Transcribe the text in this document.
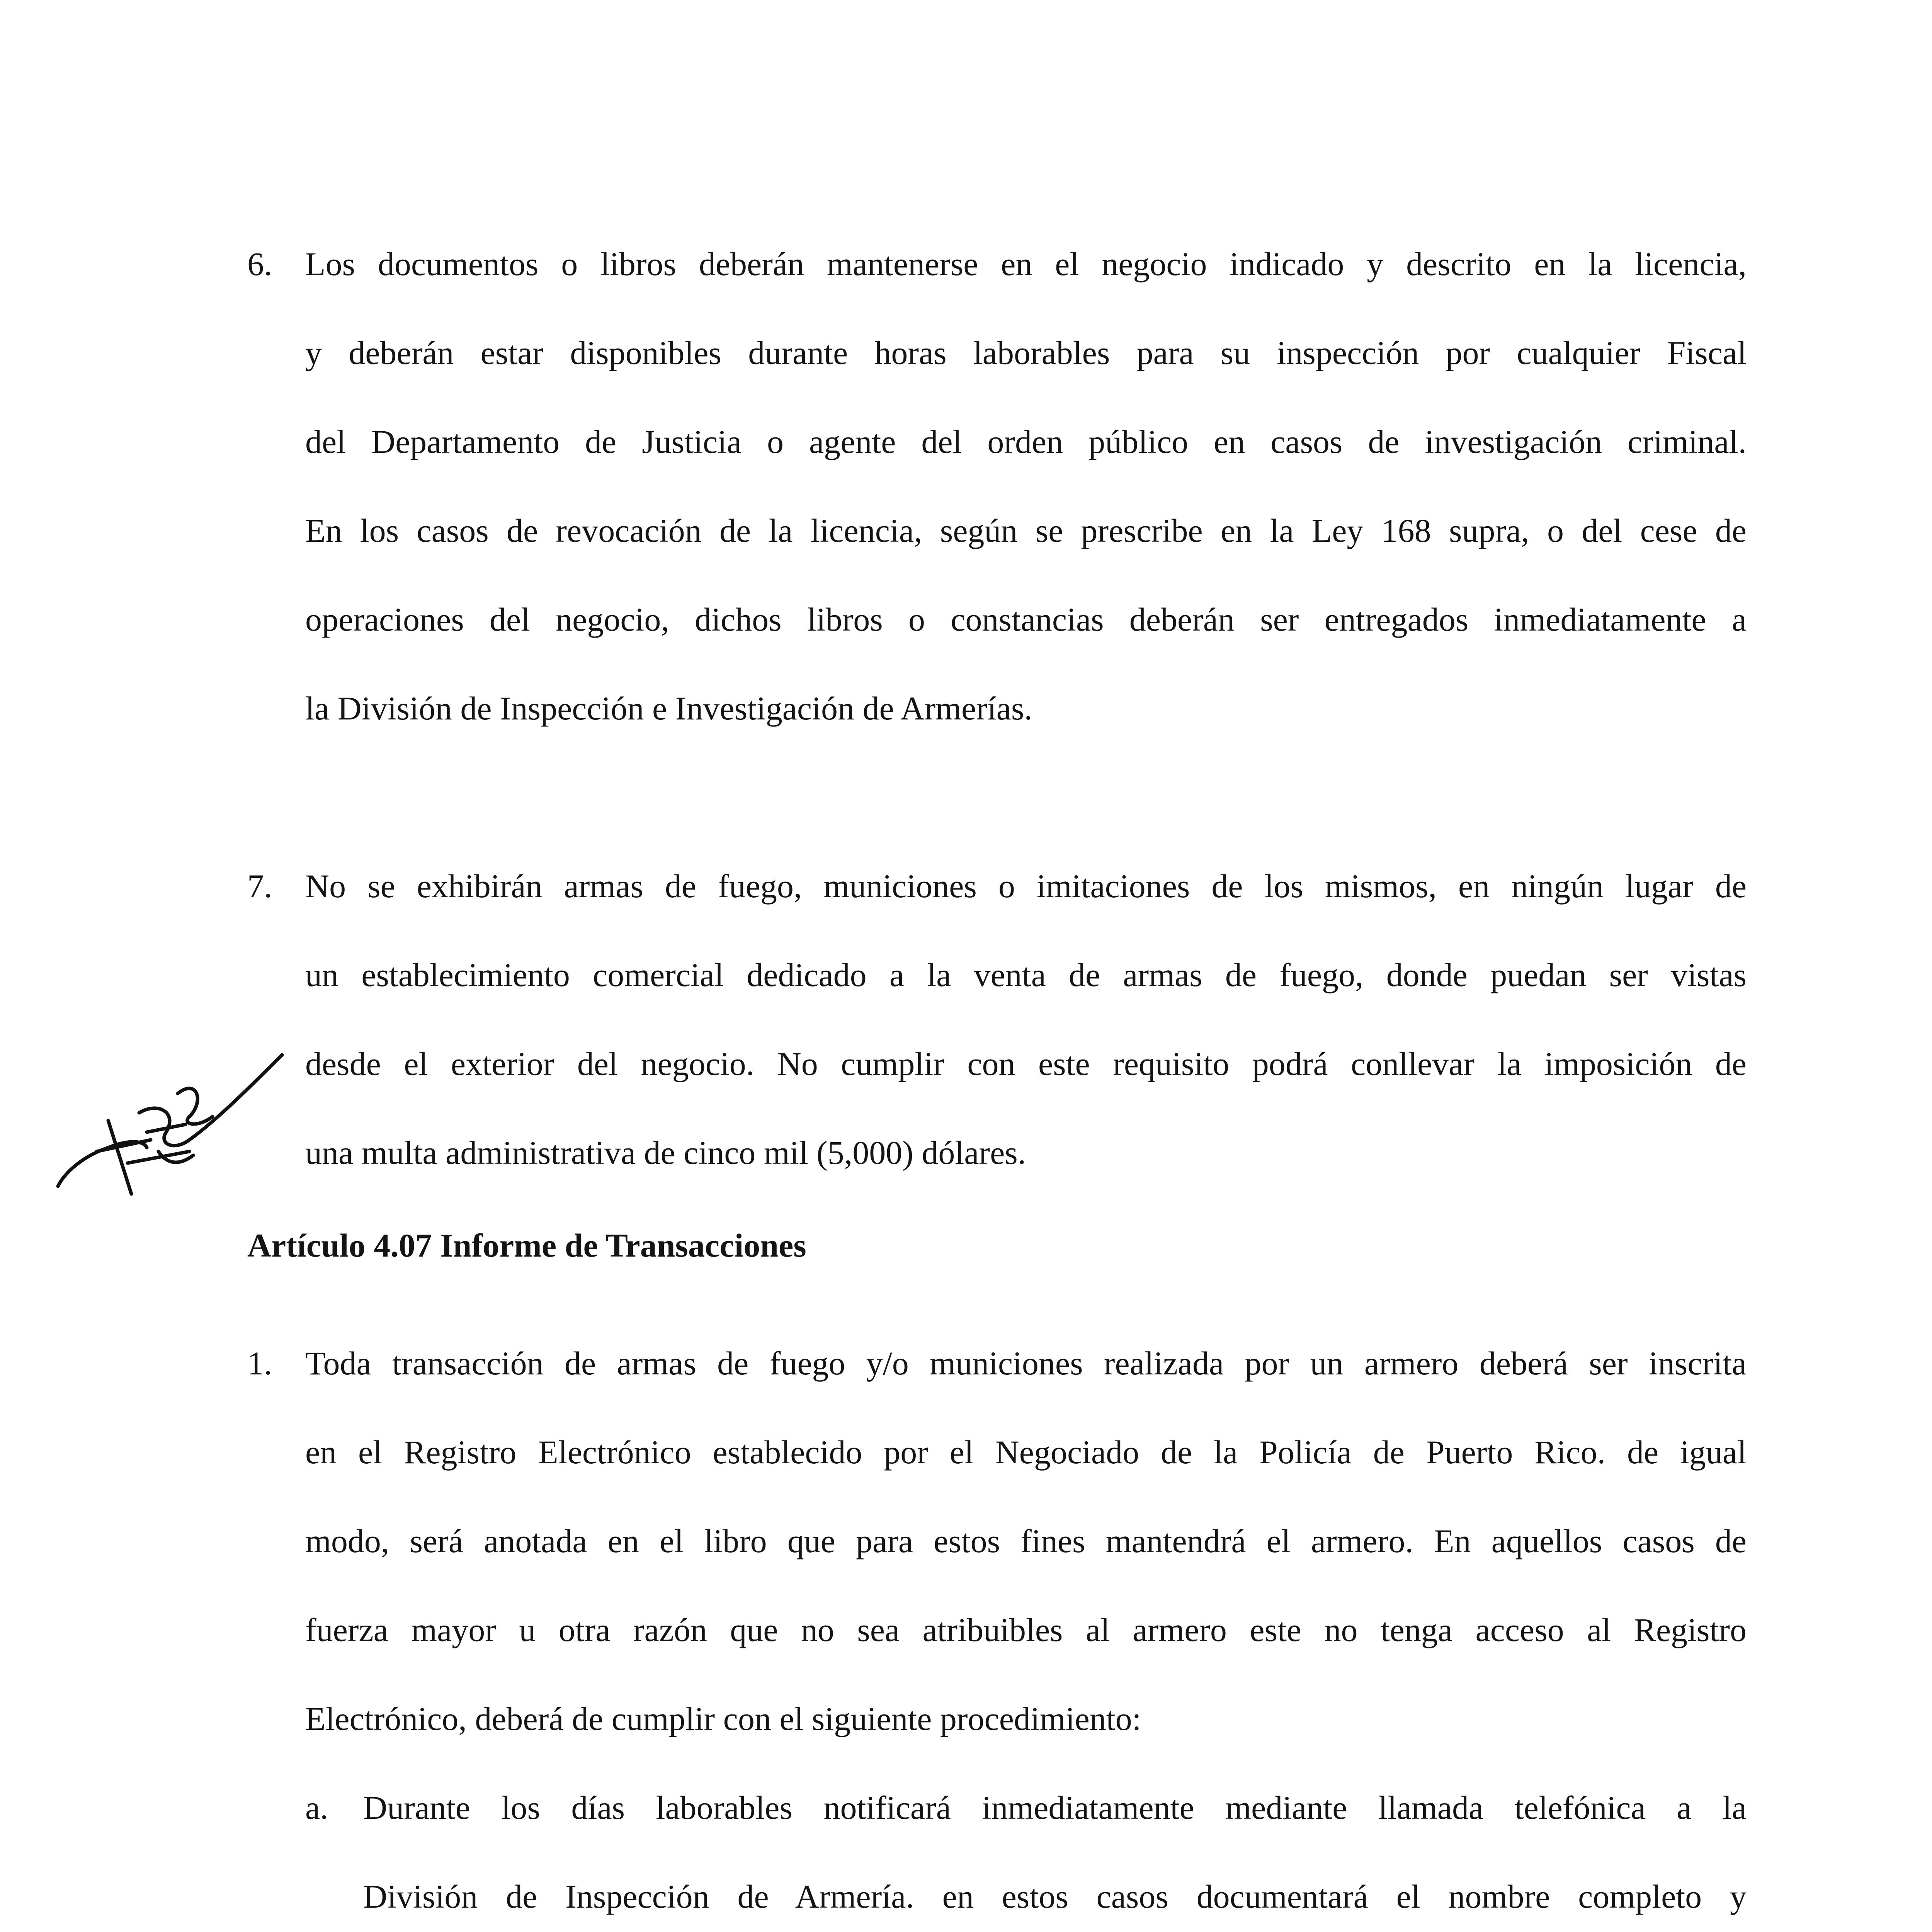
6. Los documentos o libros deberán mantenerse en el negocio indicado y descrito en la licencia,
y deberán estar disponibles durante horas laborables para su inspección por cualquier Fiscal
del Departamento de Justicia o agente del orden público en casos de investigación criminal.
En los casos de revocación de la licencia, según se prescribe en la Ley 168 supra, o del cese de
operaciones del negocio, dichos libros o constancias deberán ser entregados inmediatamente a
la División de Inspección e Investigación de Armerías.
7. No se exhibirán armas de fuego, municiones o imitaciones de los mismos, en ningún lugar de
un establecimiento comercial dedicado a la venta de armas de fuego, donde puedan ser vistas
desde el exterior del negocio. No cumplir con este requisito podrá conllevar la imposición de
una multa administrativa de cinco mil (5,000) dólares.
Artículo 4.07 Informe de Transacciones
1. Toda transacción de armas de fuego y/o municiones realizada por un armero deberá ser inscrita
en el Registro Electrónico establecido por el Negociado de la Policía de Puerto Rico. de igual
modo, será anotada en el libro que para estos fines mantendrá el armero. En aquellos casos de
fuerza mayor u otra razón que no sea atribuibles al armero este no tenga acceso al Registro
Electrónico, deberá de cumplir con el siguiente procedimiento:
a. Durante los días laborables notificará inmediatamente mediante llamada telefónica a la
División de Inspección de Armería. en estos casos documentará el nombre completo y
